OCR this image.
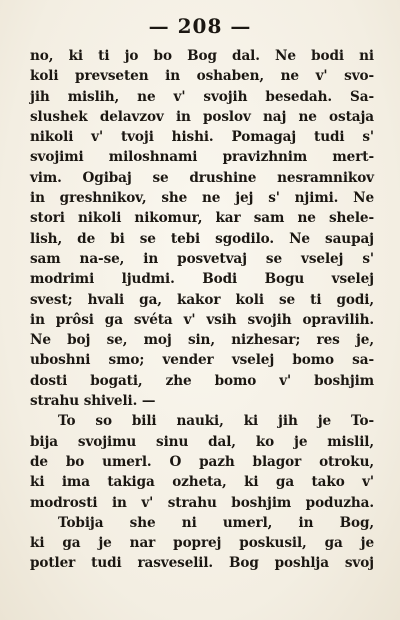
— 208 —
no, ki ti jo bo Bog dal. Ne bodi ni
koli prevseten in oshaben, ne v' svo-
jih mislih, ne v' svojih besedah. Sa-
slushek delavzov in poslov naj ne ostaja
nikoli v' tvoji hishi. Pomagaj tudi s'
svojimi miloshnami pravizhnim mert-
vim. Ogibaj se drushine nesramnikov
in greshnikov, she ne jej s' njimi. Ne
stori nikoli nikomur, kar sam ne shele-
lish, de bi se tebi sgodilo. Ne saupaj
sam na-se, in posvetvaj se vselej s'
modrimi ljudmi. Bodi Bogu vselej
svest; hvali ga, kakor koli se ti godi,
in prôsi ga svéta v' vsih svojih opravilih.
Ne boj se, moj sin, nizhesar; res je,
uboshni smo; vender vselej bomo sa-
dosti bogati, zhe bomo v' boshjim
strahu shiveli. —
To so bili nauki, ki jih je To-
bija svojimu sinu dal, ko je mislil,
de bo umerl. O pazh blagor otroku,
ki ima takiga ozheta, ki ga tako v'
modrosti in v' strahu boshjim poduzha.
Tobija she ni umerl, in Bog,
ki ga je nar poprej poskusil, ga je
potler tudi rasveselil. Bog poshlja svoj
